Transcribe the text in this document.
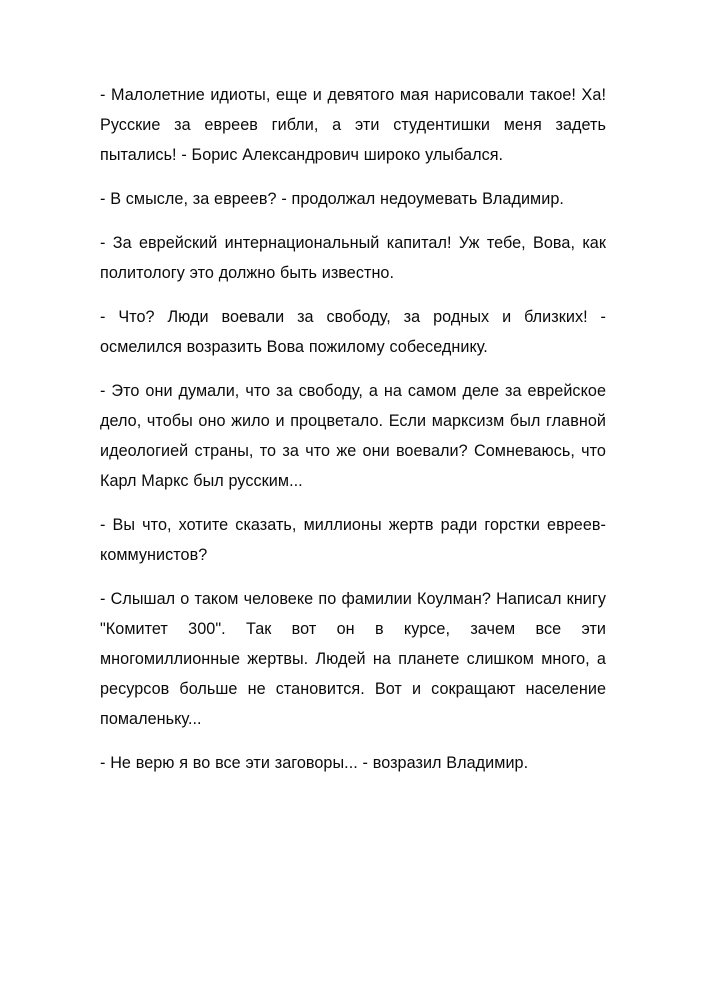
- Малолетние идиоты, еще и девятого мая нарисовали такое! Ха! Русские за евреев гибли, а эти студентишки меня задеть пытались! - Борис Александрович широко улыбался.

- В смысле, за евреев? - продолжал недоумевать Владимир.

- За еврейский интернациональный капитал! Уж тебе, Вова, как политологу это должно быть известно.

- Что? Люди воевали за свободу, за родных и близких! - осмелился возразить Вова пожилому собеседнику.

- Это они думали, что за свободу, а на самом деле за еврейское дело, чтобы оно жило и процветало. Если марксизм был главной идеологией страны, то за что же они воевали? Сомневаюсь, что Карл Маркс был русским...

- Вы что, хотите сказать, миллионы жертв ради горстки евреев-коммунистов?

- Слышал о таком человеке по фамилии Коулман? Написал книгу "Комитет 300". Так вот он в курсе, зачем все эти многомиллионные жертвы. Людей на планете слишком много, а ресурсов больше не становится. Вот и сокращают население помаленьку...

- Не верю я во все эти заговоры... - возразил Владимир.
